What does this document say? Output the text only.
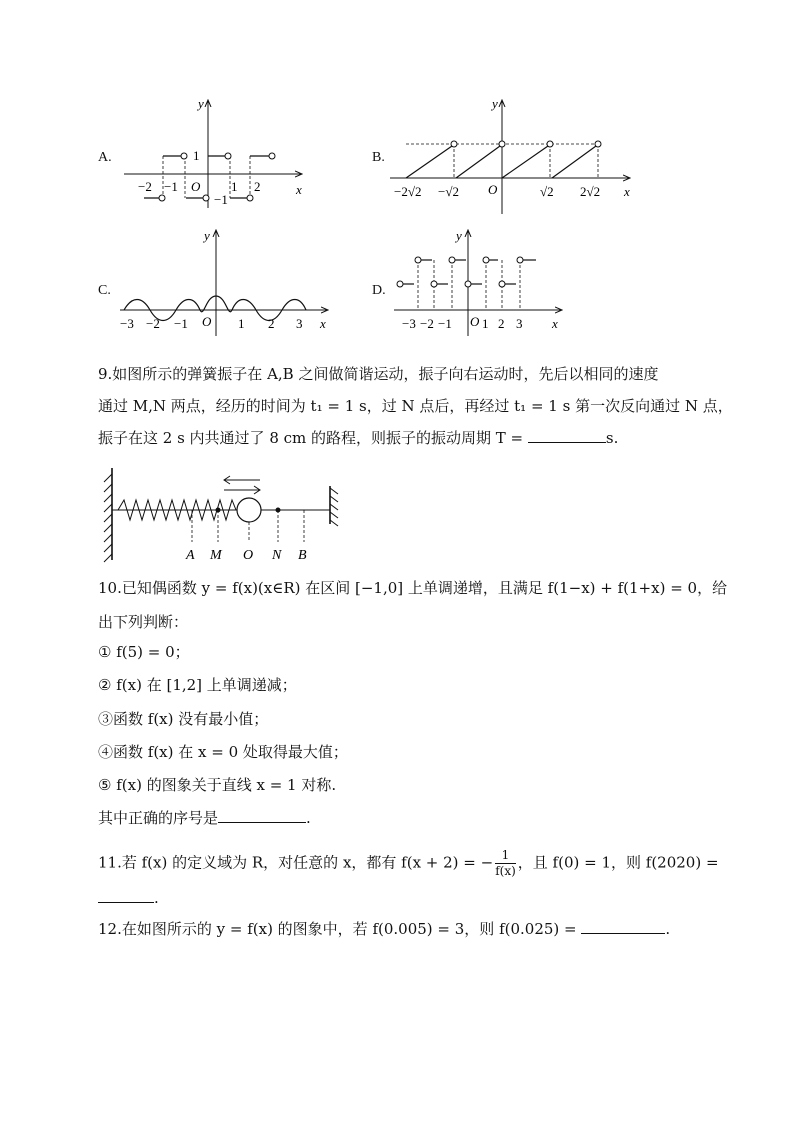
A.
y
x
O
1
−1
−2 −1	1 2
B.
y
x
O
−2√2 −√2	√2 2√2
C.
y
x
O
−3 −2 −1	1 2 3
D.
y
x
O
−3 −2 −1 1 2 3
9.如图所示的弹簧振子在 A,B 之间做简谐运动，振子向右运动时，先后以相同的速度
通过 M,N 两点，经历的时间为 t₁ = 1 s，过 N 点后，再经过 t₁ = 1 s 第一次反向通过 N 点，
振子在这 2 s 内共通过了 8 cm 的路程，则振子的振动周期 T =	s.
A M O N B
10.已知偶函数 y = f(x)(x∈R) 在区间 [−1,0] 上单调递增，且满足 f(1−x) + f(1+x) = 0，给
出下列判断：
① f(5) = 0；
② f(x) 在 [1,2] 上单调递减；
③函数 f(x) 没有最小值；
④函数 f(x) 在 x = 0 处取得最大值；
⑤ f(x) 的图象关于直线 x = 1 对称.
其中正确的序号是	.
11.若 f(x) 的定义域为 R，对任意的 x，都有 f(x + 2) = − $\frac{1}{f(x)}$ ，且 f(0) = 1，则 f(2020) =
.
12.在如图所示的 y = f(x) 的图象中，若 f(0.005) = 3，则 f(0.025) =	.
